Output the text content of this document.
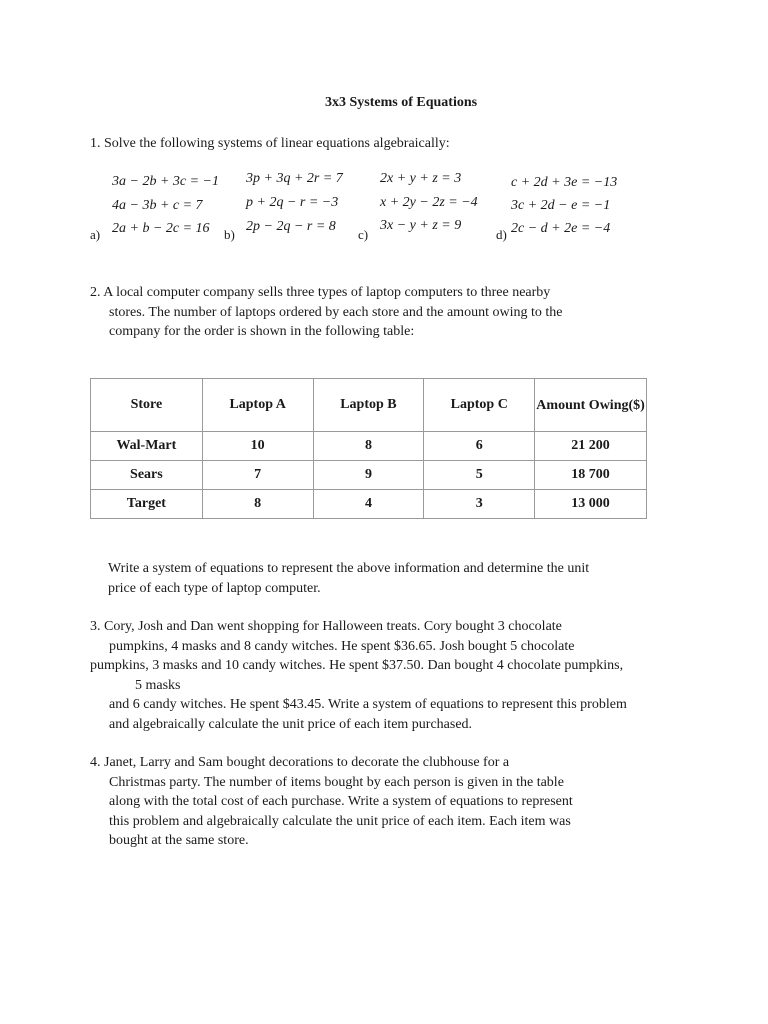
3x3 Systems of Equations
1. Solve the following systems of linear equations algebraically:
3a − 2b + 3c = −1
4a − 3b + c = 7
a) 2a + b − 2c = 16
3p + 3q + 2r = 7
p + 2q − r = −3
b)
2p − 2q − r = 8
2x + y + z = 3
x + 2y − 2z = −4
c)
3x − y + z = 9
c + 2d + 3e = −13
3c + 2d − e = −1
d) 2c − d + 2e = −4
2. A local computer company sells three types of laptop computers to three nearby
stores. The number of laptops ordered by each store and the amount owing to the
company for the order is shown in the following table:
Store	Laptop A	Laptop B	Laptop C	Amount Owing($)
Wal-Mart	10	8	6	21 200
Sears	7	9	5	18 700
Target	8	4	3	13 000
Write a system of equations to represent the above information and determine the unit
price of each type of laptop computer.
3. Cory, Josh and Dan went shopping for Halloween treats. Cory bought 3 chocolate
pumpkins, 4 masks and 8 candy witches. He spent $36.65. Josh bought 5 chocolate
pumpkins, 3 masks and 10 candy witches. He spent $37.50. Dan bought 4 chocolate pumpkins,
5 masks
and 6 candy witches. He spent $43.45. Write a system of equations to represent this problem
and algebraically calculate the unit price of each item purchased.
4. Janet, Larry and Sam bought decorations to decorate the clubhouse for a
Christmas party. The number of items bought by each person is given in the table
along with the total cost of each purchase. Write a system of equations to represent
this problem and algebraically calculate the unit price of each item. Each item was
bought at the same store.
